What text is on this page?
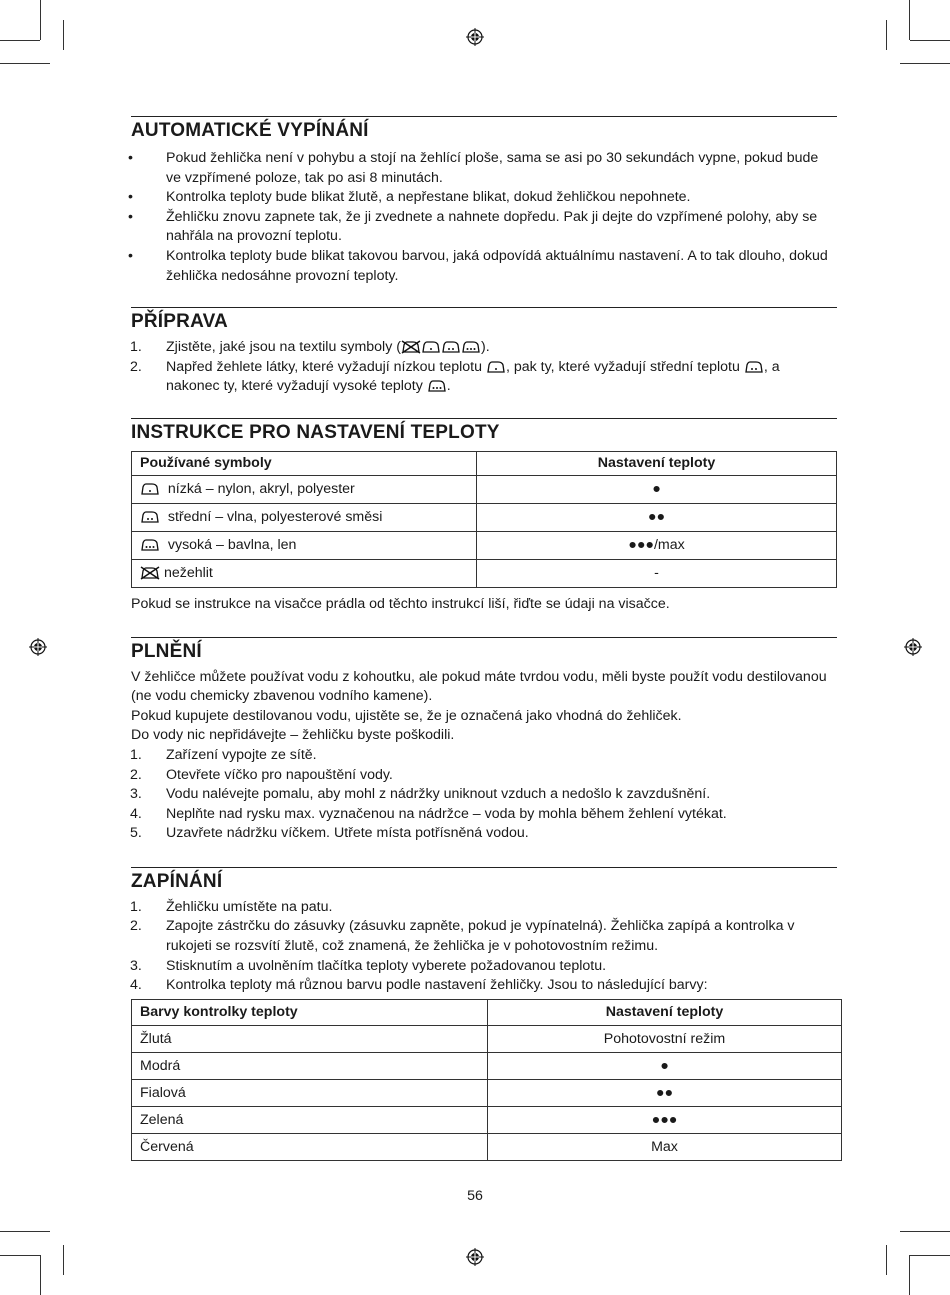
AUTOMATICKÉ VYPÍNÁNÍ
• Pokud žehlička není v pohybu a stojí na žehlící ploše, sama se asi po 30 sekundách vypne, pokud bude ve vzpřímené poloze, tak po asi 8 minutách.
• Kontrolka teploty bude blikat žlutě, a nepřestane blikat, dokud žehličkou nepohnete.
• Žehličku znovu zapnete tak, že ji zvednete a nahnete dopředu. Pak ji dejte do vzpřímené polohy, aby se nahřála na provozní teplotu.
• Kontrolka teploty bude blikat takovou barvou, jaká odpovídá aktuálnímu nastavení. A to tak dlouho, dokud žehlička nedosáhne provozní teploty.
PŘÍPRAVA
1. Zjistěte, jaké jsou na textilu symboly (	).
2. Napřed žehlete látky, které vyžadují nízkou teplotu , pak ty, které vyžadují střední teplotu , a nakonec ty, které vyžadují vysoké teploty .
INSTRUKCE PRO NASTAVENÍ TEPLOTY
Používané symboly	Nastavení teploty
nízká – nylon, akryl, polyester	●
střední – vlna, polyesterové směsi	●●
vysoká – bavlna, len	●●●/max
nežehlit	-

Pokud se instrukce na visačce prádla od těchto instrukcí liší, řiďte se údaji na visačce.

PLNĚNÍ

V žehličce můžete používat vodu z kohoutku, ale pokud máte tvrdou vodu, měli byste použít vodu destilovanou (ne vodu chemicky zbavenou vodního kamene).

Pokud kupujete destilovanou vodu, ujistěte se, že je označená jako vhodná do žehliček.

Do vody nic nepřidávejte – žehličku byste poškodili.

1. Zařízení vypojte ze sítě.
2. Otevřete víčko pro napouštění vody.
3. Vodu nalévejte pomalu, aby mohl z nádržky uniknout vzduch a nedošlo k zavzdušnění.
4. Neplňte nad rysku max. vyznačenou na nádržce – voda by mohla během žehlení vytékat.
5. Uzavřete nádržku víčkem. Utřete místa potřísněná vodou.
ZAPÍNÁNÍ
1. Žehličku umístěte na patu.
2. Zapojte zástrčku do zásuvky (zásuvku zapněte, pokud je vypínatelná). Žehlička zapípá a kontrolka v rukojeti se rozsvítí žlutě, což znamená, že žehlička je v pohotovostním režimu.
3. Stisknutím a uvolněním tlačítka teploty vyberete požadovanou teplotu.
4. Kontrolka teploty má různou barvu podle nastavení žehličky. Jsou to následující barvy:
Barvy kontrolky teploty	Nastavení teploty
Žlutá	Pohotovostní režim
Modrá	●
Fialová	●●
Zelená	●●●
Červená	Max
56
